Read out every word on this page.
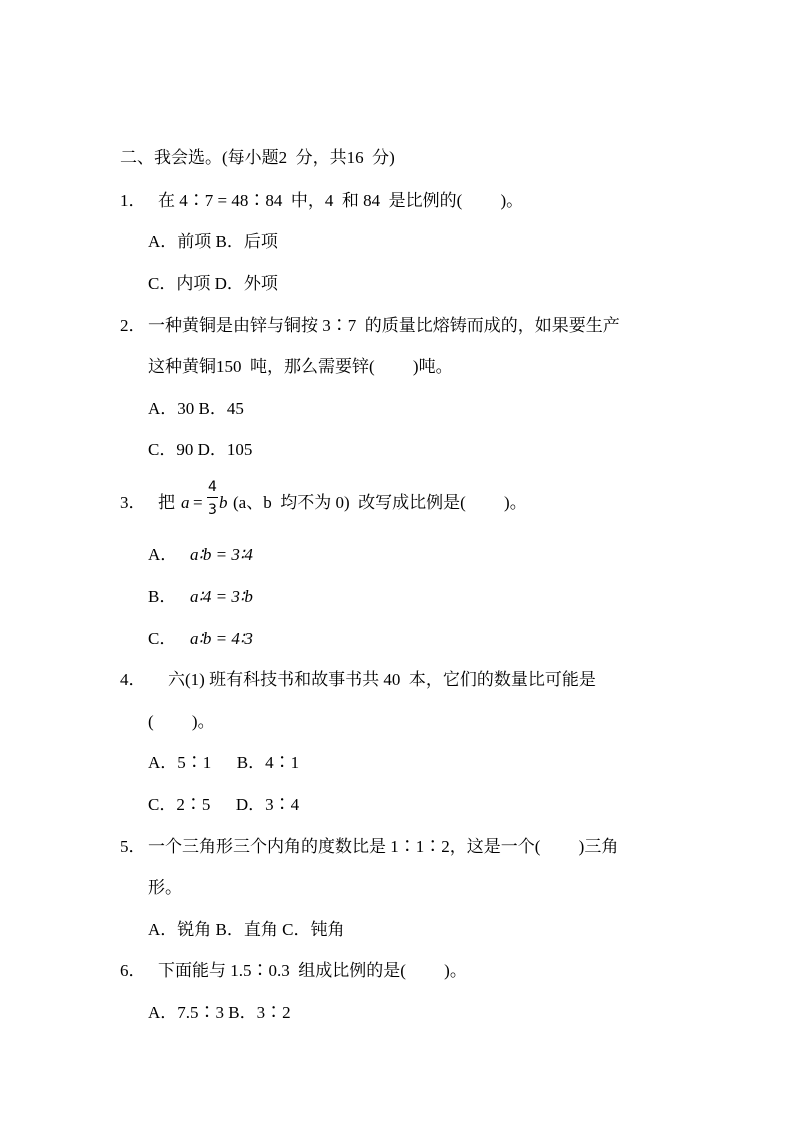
二、我会选。(每小题2  分，共16  分)
1． 在 4∶7 = 48∶84  中，4  和 84  是比例的(         )。
A．前项 B．后项
C．内项 D．外项
2． 一种黄铜是由锌与铜按 3∶7  的质量比熔铸而成的，如果要生产
这种黄铜150  吨，那么需要锌(         )吨。
A．30 B．45
C．90 D．105
3． 把 a =
4
3 b (a、b  均不为 0)  改写成比例是(         )。
A． a∶b = 3∶4
B． a∶4 = 3∶b
C． a∶b = 4∶3
4． 六(1) 班有科技书和故事书共 40  本，它们的数量比可能是
(         )。
A．5∶1      B．4∶1
C．2∶5      D．3∶4
5． 一个三角形三个内角的度数比是 1∶1∶2，这是一个(         )三角
形。
A．锐角 B．直角 C．钝角
6． 下面能与 1.5∶0.3  组成比例的是(         )。
A．7.5∶3 B．3∶2
